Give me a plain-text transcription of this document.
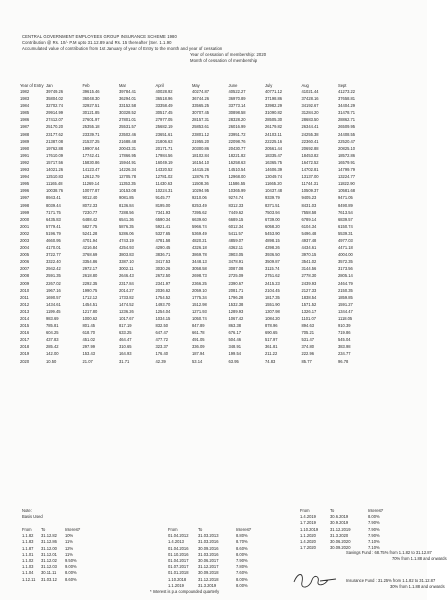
CENTRAL GOVERNMENT EMPLOYEES GROUP INSURANCE SCHEME 1980
Contribution @ Rs. 10/- P.M upto 31.12.89 and Rs. 15 thereafter (Ser. 1.1.90
Accumulated value of contribution from 1st January of year of Entry to the month and year of cessation
Year of cessation of membership: 2020
Month of cessation of membership
Year of Entry	Jan	Feb	Mar	April	May	June	July	Aug	Sept
1982	39749.26	39615.46	39784.41	40028.92	40274.87	40522.27	40771.12	41021.44	41273.22
1983	35804.02	36048.30	36294.01	36518.96	36744.26	36970.89	37198.86	37428.16	37658.81
1984	32702.74	32927.51	33152.58	33358.49	33565.25	33773.14	33982.29	34192.67	34404.29
1985	29914.99	30121.85	30328.52	30517.45	30707.45	30898.58	31090.82	31284.20	31478.71
1986	27412.07	27601.97	27801.01	27977.05	28157.31	28328.20	28505.30	28683.50	28862.71
1987	25170.20	25355.18	25531.57	25682.19	25853.61	26016.99	26179.82	26344.41	26509.95
1988	23177.62	23339.71	23502.46	23651.61	23801.12	23951.72	24103.11	24255.38	24408.55
1989	21387.08	21537.25	21688.48	21806.63	21955.20	22098.76	22225.16	22360.41	22520.47
1990	19762.88	19907.64	20043.31	20171.71	20300.86	20430.77	20561.44	20692.88	20825.10
1991	17610.09	17742.41	17866.95	17984.56	18102.84	18221.82	18335.47	18453.82	18572.86
1992	15717.56	15830.86	15944.91	16049.19	16154.10	16258.63	16365.75	16472.52	16579.91
1993	14021.26	14123.47	14226.34	14320.52	14415.26	14510.54	14606.39	14702.81	14799.79
1994	12510.83	12612.79	12705.78	12781.02	12876.75	12968.00	13049.74	13137.00	13224.77
1995	11165.48	11269.14	11353.35	11430.63	11508.36	11586.55	11665.20	11744.31	11822.90
1996	10038.76	10077.87	10153.08	10224.31	10294.95	10365.99	10437.48	10509.37	10581.68
1997	8943.41	9012.40	9081.85	9145.77	9210.06	9274.74	9339.79	9405.23	9471.05
1998	8039.44	8072.33	8136.84	8195.00	8253.49	8312.33	8371.51	8431.03	8490.89
1999	7171.75	7230.77	7288.56	7341.93	7395.62	7449.62	7503.94	7558.58	7613.54
2000	6435.83	6488.42	6541.36	6590.34	6639.60	6689.15	6739.00	6789.14	6839.57
2001	5779.41	5827.75	5876.35	5921.41	5966.74	6012.34	6058.20	6104.34	6150.74
2002	5196.79	5241.28	5286.06	5327.65	5369.49	5411.57	5453.90	5496.48	5539.31
2003	4660.95	4701.94	4743.19	4781.58	4820.21	4859.07	4898.15	4937.48	4977.03
2004	4170.01	4216.84	4254.93	4290.45	4326.18	4362.11	4398.26	4434.61	4471.18
2005	3722.77	3768.69	3803.83	3836.71	3869.78	3903.05	3936.50	3970.15	4004.00
2006	3322.40	3354.86	3387.10	3417.53	3448.13	3478.91	3509.87	3541.02	3572.35
2007	2942.42	2972.17	3002.11	3030.26	3058.58	3087.08	3115.74	3144.56	3173.56
2008	2591.35	2618.80	2646.43	2672.50	2698.73	2725.09	2751.62	2778.30	2805.14
2009	2267.02	2292.35	2317.84	2341.97	2366.25	2390.67	2415.23	2439.93	2464.79
2010	1967.16	1990.75	2014.27	2036.62	2059.10	2081.71	2104.45	2127.33	2150.35
2011	1690.57	1712.12	1733.82	1754.52	1775.34	1796.28	1817.35	1838.54	1859.85
2012	1434.61	1454.51	1474.52	1493.70	1512.98	1532.38	1551.90	1571.52	1591.27
2013	1199.45	1217.80	1236.26	1254.04	1271.93	1289.93	1307.98	1326.17	1344.47
2014	983.69	1000.62	1017.67	1034.15	1050.74	1067.42	1084.20	1101.07	1118.05
2015	785.81	801.45	817.19	832.50	847.89	863.38	878.96	894.63	910.39
2016	604.25	618.70	633.25	647.47	661.78	676.17	690.65	705.21	719.86
2017	437.83	451.02	464.47	477.72	491.05	504.46	517.97	531.47	545.04
2018	285.42	297.99	310.65	323.37	336.09	348.91	361.81	374.80	383.98
2019	142.00	153.43	164.93	176.40	187.94	199.54	211.22	222.96	234.77
2020	10.50	21.07	31.71	42.39	53.14	63.95	74.83	85.77	96.78
Note:
Basis Used
From	To	Interest*
1.1.82	31.12.82	10%
1.1.83	31.12.86	11%
1.1.87	31.12.00	12%
1.1.01	31.12.01	11%
1.1.02	31.12.02	9.50%
1.1.03	31.12.03	9.00%
1.1.04	30.11.11	8.00%
1.12.11	31.03.12	8.60%
From	To	Interest*
01.04.2012	31.03.2013	8.80%
1.4.2013	31.03.2016	8.70%
01.04.2016	30.09.2016	8.60%
01.10.2016	31.03.2016	8.00%
01.04.2017	30.06.2017	7.90%
01.07.2017	31.12.2017	7.80%
01.01.2018	30.09.2018	7.60%
1.10.2018	31.12.2018	8.00%
1.1.2019	31.3.2019	8.00%
* Interest is p.a compounded quarterly
From	To	Interest*
1.4.2019	30.6.2019	8.00%
1.7.2019	30.9.2019	7.90%
1.10.2019	31.12.2019	7.90%
1.1.2020	31.3.2020	7.90%
1.4.2020	30.06.2020	7.10%
1.7.2020	30.09.2020	7.10%
Savings Fund : 68.75% from 1.1.82 to 31.12.87
70% from 1.1.88 and onwards
Insurance Fund : 31.25% from 1.1.82 to 31.12.87
30% from 1.1.88 and onwards
